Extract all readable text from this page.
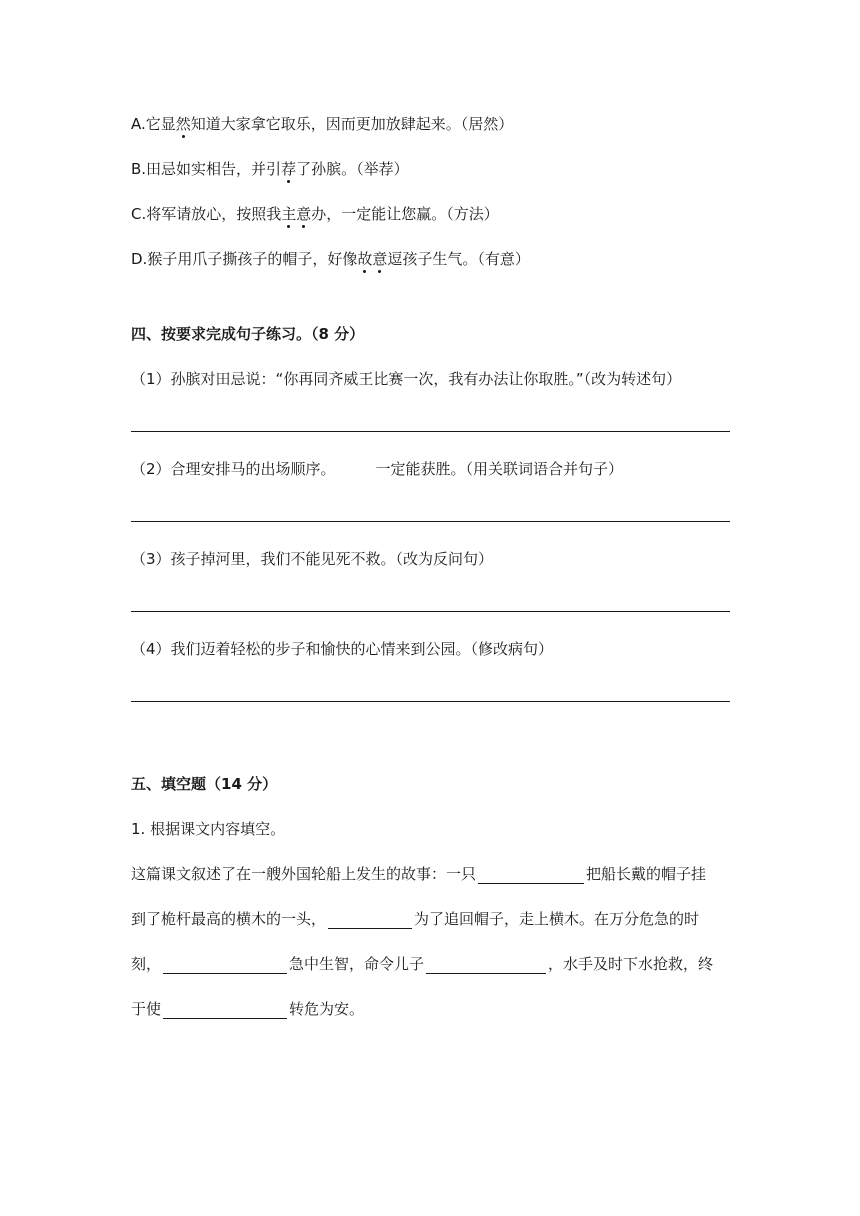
A.它显然知道大家拿它取乐，因而更加放肆起来。（居然）
B.田忌如实相告，并引荐了孙膑。（举荐）
C.将军请放心，按照我主意办，一定能让您赢。（方法）
D.猴子用爪子撕孩子的帽子，好像故意逗孩子生气。（有意）
四、按要求完成句子练习。（8 分）
（1）孙膑对田忌说：“你再同齐威王比赛一次，我有办法让你取胜。”（改为转述句）
（2）合理安排马的出场顺序。	一定能获胜。（用关联词语合并句子）
（3）孩子掉河里，我们不能见死不救。（改为反问句）
（4）我们迈着轻松的步子和愉快的心情来到公园。（修改病句）
五、填空题（14 分）
1. 根据课文内容填空。
这篇课文叙述了在一艘外国轮船上发生的故事：一只	把船长戴的帽子挂
到了桅杆最高的横木的一头，	为了追回帽子，走上横木。在万分危急的时
刻，	急中生智，命令儿子	，水手及时下水抢救，终
于使	转危为安。
